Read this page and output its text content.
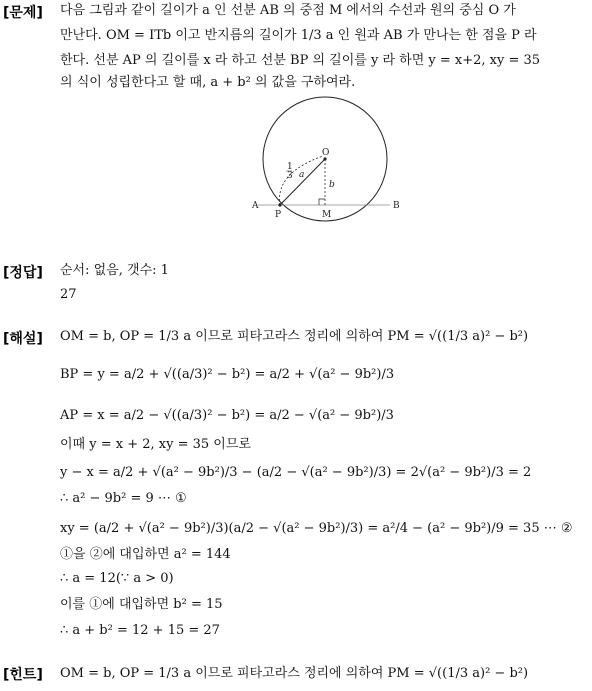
[문제] 다음 그림과 같이 길이가 a 인 선분 AB 의 중점 M 에서의 수선과 원의 중심 O 가
만난다. OM = ITb 이고 반지름의 길이가 1/3 a 인 원과 AB 가 만나는 한 점을 P 라
한다. 선분 AP 의 길이를 x 라 하고 선분 BP 의 길이를 y 라 하면 y = x+2, xy = 35
의 식이 성립한다고 할 때, a + b² 의 값을 구하여라.
O
A	B
P	M
a
b
1
3
[정답] 순서: 없음, 갯수: 1
27
[해설] OM = b, OP = 1/3 a 이므로 피타고라스 정리에 의하여 PM = √((1/3 a)² − b²)
BP = y = a/2 + √((a/3)² − b²) = a/2 + √(a² − 9b²)/3
AP = x = a/2 − √((a/3)² − b²) = a/2 − √(a² − 9b²)/3
이때 y = x + 2, xy = 35 이므로
y − x = a/2 + √(a² − 9b²)/3 − (a/2 − √(a² − 9b²)/3) = 2√(a² − 9b²)/3 = 2
∴ a² − 9b² = 9 ⋯ ①
xy = (a/2 + √(a² − 9b²)/3)(a/2 − √(a² − 9b²)/3) = a²/4 − (a² − 9b²)/9 = 35 ⋯ ②
①을 ②에 대입하면 a² = 144
∴ a = 12(∵ a > 0)
이를 ①에 대입하면 b² = 15
∴ a + b² = 12 + 15 = 27
[힌트] OM = b, OP = 1/3 a 이므로 피타고라스 정리에 의하여 PM = √((1/3 a)² − b²)
